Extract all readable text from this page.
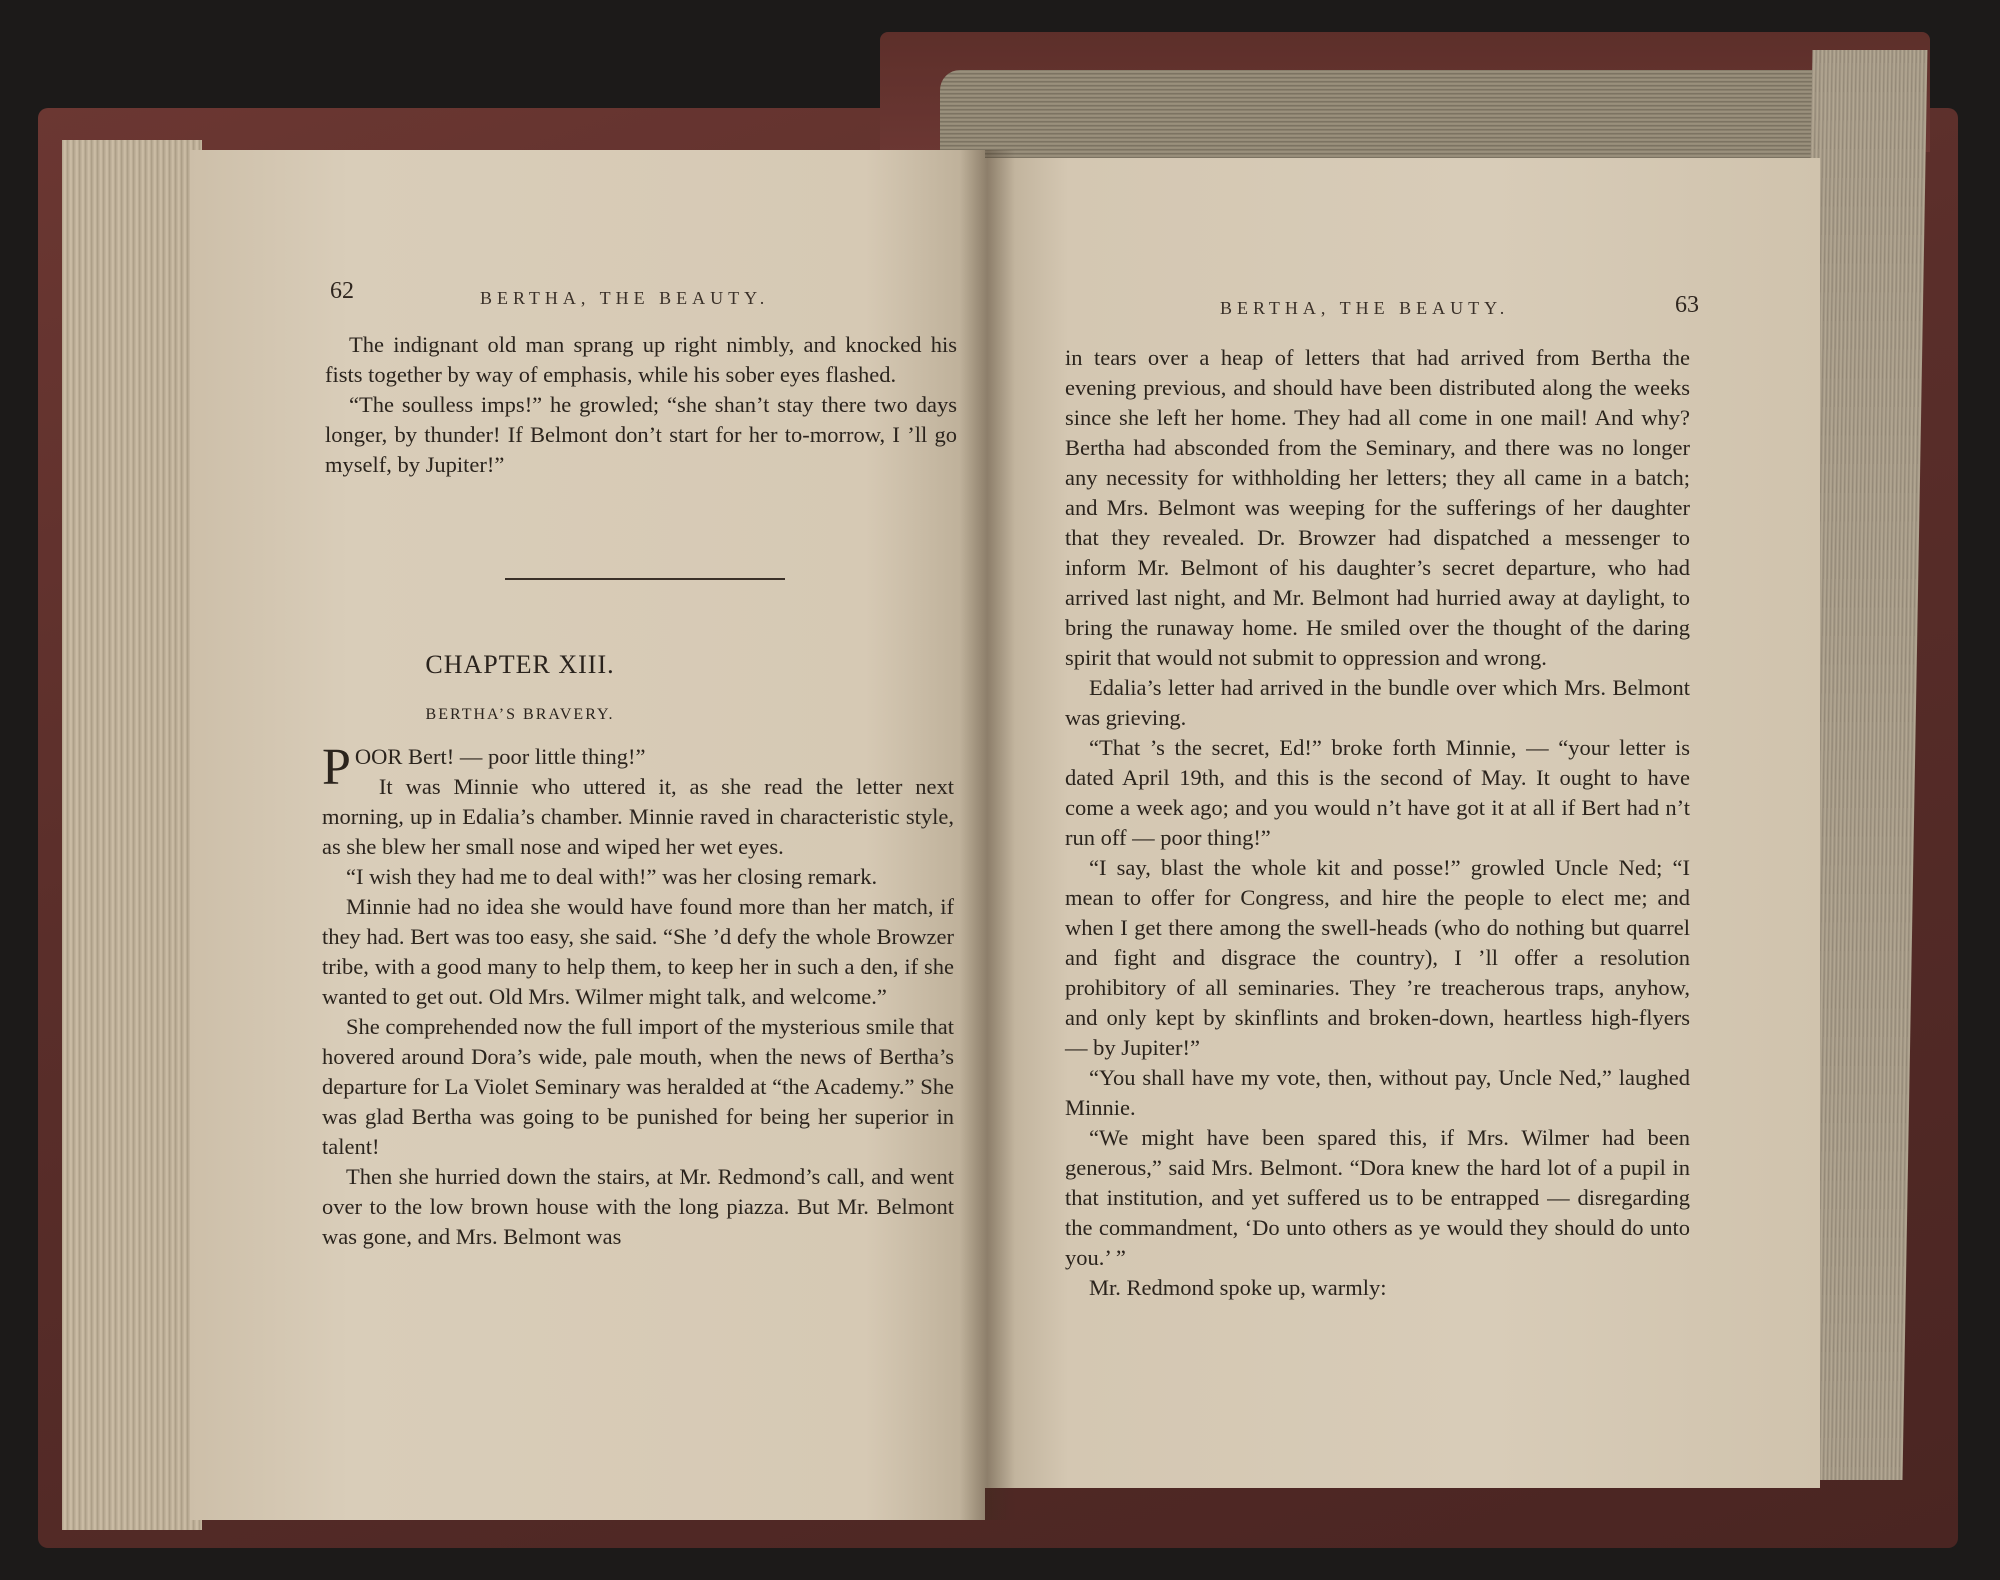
62	BERTHA, THE BEAUTY.

The indignant old man sprang up right nimbly, and knocked his fists together by way of emphasis, while his sober eyes flashed.

“The soulless imps!” he growled; “she shan’t stay there two days longer, by thunder! If Belmont don’t start for her to-morrow, I ’ll go myself, by Jupiter!”

CHAPTER XIII.
BERTHA’S BRAVERY.

POOR Bert! — poor little thing!”

It was Minnie who uttered it, as she read the letter next morning, up in Edalia’s chamber. Minnie raved in characteristic style, as she blew her small nose and wiped her wet eyes.

“I wish they had me to deal with!” was her closing remark.

Minnie had no idea she would have found more than her match, if they had. Bert was too easy, she said. “She ’d defy the whole Browzer tribe, with a good many to help them, to keep her in such a den, if she wanted to get out. Old Mrs. Wilmer might talk, and welcome.”

She comprehended now the full import of the mysterious smile that hovered around Dora’s wide, pale mouth, when the news of Bertha’s departure for La Violet Seminary was heralded at “the Academy.” She was glad Bertha was going to be punished for being her superior in talent!

Then she hurried down the stairs, at Mr. Redmond’s call, and went over to the low brown house with the long piazza. But Mr. Belmont was gone, and Mrs. Belmont was

BERTHA, THE BEAUTY.	63

in tears over a heap of letters that had arrived from Bertha the evening previous, and should have been distributed along the weeks since she left her home. They had all come in one mail! And why? Bertha had absconded from the Seminary, and there was no longer any necessity for withholding her letters; they all came in a batch; and Mrs. Belmont was weeping for the sufferings of her daughter that they revealed. Dr. Browzer had dispatched a messenger to inform Mr. Belmont of his daughter’s secret departure, who had arrived last night, and Mr. Belmont had hurried away at daylight, to bring the runaway home. He smiled over the thought of the daring spirit that would not submit to oppression and wrong.

Edalia’s letter had arrived in the bundle over which Mrs. Belmont was grieving.

“That ’s the secret, Ed!” broke forth Minnie, — “your letter is dated April 19th, and this is the second of May. It ought to have come a week ago; and you would n’t have got it at all if Bert had n’t run off — poor thing!”

“I say, blast the whole kit and posse!” growled Uncle Ned; “I mean to offer for Congress, and hire the people to elect me; and when I get there among the swell-heads (who do nothing but quarrel and fight and disgrace the country), I ’ll offer a resolution prohibitory of all seminaries. They ’re treacherous traps, anyhow, and only kept by skinflints and broken-down, heartless high-flyers — by Jupiter!”

“You shall have my vote, then, without pay, Uncle Ned,” laughed Minnie.

“We might have been spared this, if Mrs. Wilmer had been generous,” said Mrs. Belmont. “Dora knew the hard lot of a pupil in that institution, and yet suffered us to be entrapped — disregarding the commandment, ‘Do unto others as ye would they should do unto you.’ ”

Mr. Redmond spoke up, warmly:
